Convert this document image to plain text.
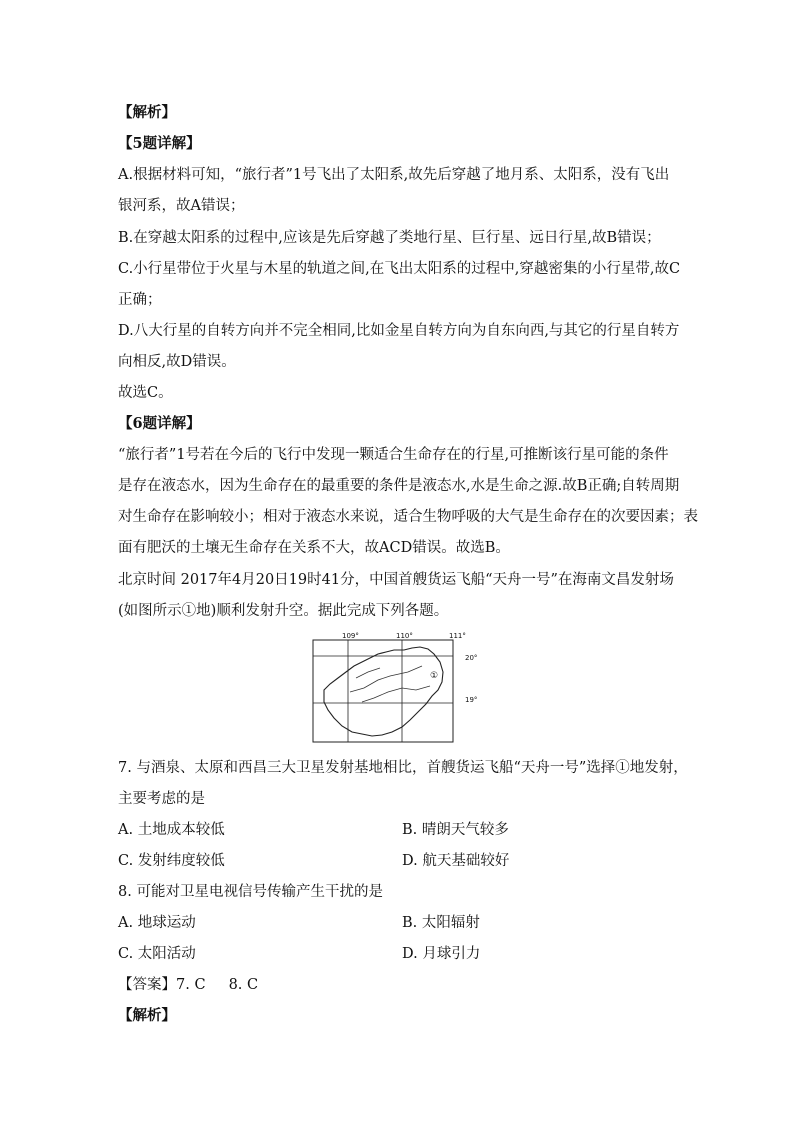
【解析】
【5题详解】
A.根据材料可知，“旅行者”1号飞出了太阳系,故先后穿越了地月系、太阳系，没有飞出
银河系，故A错误；
B.在穿越太阳系的过程中,应该是先后穿越了类地行星、巨行星、远日行星,故B错误；
C.小行星带位于火星与木星的轨道之间,在飞出太阳系的过程中,穿越密集的小行星带,故C
正确；
D.八大行星的自转方向并不完全相同,比如金星自转方向为自东向西,与其它的行星自转方
向相反,故D错误。
故选C。
【6题详解】
“旅行者”1号若在今后的飞行中发现一颗适合生命存在的行星,可推断该行星可能的条件
是存在液态水，因为生命存在的最重要的条件是液态水,水是生命之源.故B正确;自转周期
对生命存在影响较小；相对于液态水来说，适合生物呼吸的大气是生命存在的次要因素；表
面有肥沃的土壤无生命存在关系不大，故ACD错误。故选B。
北京时间 2017年4月20日19时41分，中国首艘货运飞船“天舟一号”在海南文昌发射场
(如图所示①地)顺利发射升空。据此完成下列各题。
109°	110°	111°
20°
19°
①
7. 与酒泉、太原和西昌三大卫星发射基地相比，首艘货运飞船“天舟一号”选择①地发射，
主要考虑的是
A. 土地成本较低	B. 晴朗天气较多
C. 发射纬度较低	D. 航天基础较好
8. 可能对卫星电视信号传输产生干扰的是
A. 地球运动	B. 太阳辐射
C. 太阳活动	D. 月球引力
【答案】7. C     8. C
【解析】
